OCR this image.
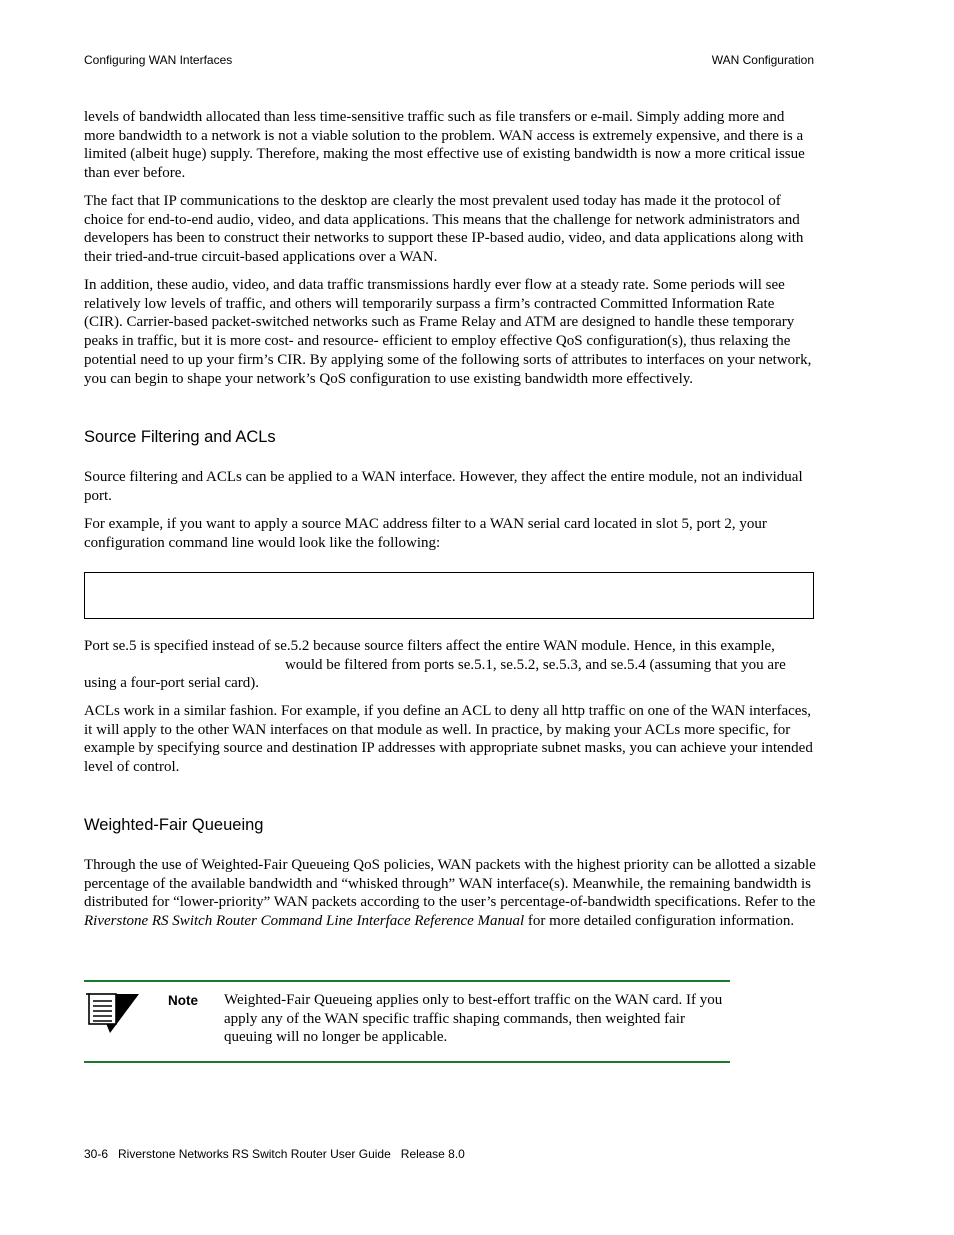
Configuring WAN Interfaces	WAN Configuration

levels of bandwidth allocated than less time-sensitive traffic such as file transfers or e-mail. Simply adding more and more bandwidth to a network is not a viable solution to the problem. WAN access is extremely expensive, and there is a limited (albeit huge) supply. Therefore, making the most effective use of existing bandwidth is now a more critical issue than ever before.

The fact that IP communications to the desktop are clearly the most prevalent used today has made it the protocol of choice for end-to-end audio, video, and data applications. This means that the challenge for network administrators and developers has been to construct their networks to support these IP-based audio, video, and data applications along with their tried-and-true circuit-based applications over a WAN.

In addition, these audio, video, and data traffic transmissions hardly ever flow at a steady rate. Some periods will see relatively low levels of traffic, and others will temporarily surpass a firm’s contracted Committed Information Rate (CIR). Carrier-based packet-switched networks such as Frame Relay and ATM are designed to handle these temporary peaks in traffic, but it is more cost- and resource- efficient to employ effective QoS configuration(s), thus relaxing the potential need to up your firm’s CIR. By applying some of the following sorts of attributes to interfaces on your network, you can begin to shape your network’s QoS configuration to use existing bandwidth more effectively.

Source Filtering and ACLs

Source filtering and ACLs can be applied to a WAN interface. However, they affect the entire module, not an individual port.

For example, if you want to apply a source MAC address filter to a WAN serial card located in slot 5, port 2, your configuration command line would look like the following:

Port se.5 is specified instead of se.5.2 because source filters affect the entire WAN module. Hence, in this example,
would be filtered from ports se.5.1, se.5.2, se.5.3, and se.5.4 (assuming that you are using a four-port serial card).

ACLs work in a similar fashion. For example, if you define an ACL to deny all http traffic on one of the WAN interfaces, it will apply to the other WAN interfaces on that module as well. In practice, by making your ACLs more specific, for example by specifying source and destination IP addresses with appropriate subnet masks, you can achieve your intended level of control.

Weighted-Fair Queueing

Through the use of Weighted-Fair Queueing QoS policies, WAN packets with the highest priority can be allotted a sizable percentage of the available bandwidth and “whisked through” WAN interface(s). Meanwhile, the remaining bandwidth is distributed for “lower-priority” WAN packets according to the user’s percentage-of-bandwidth specifications. Refer to the Riverstone RS Switch Router Command Line Interface Reference Manual for more detailed configuration information.

Note Weighted-Fair Queueing applies only to best-effort traffic on the WAN card. If you apply any of the WAN specific traffic shaping commands, then weighted fair queuing will no longer be applicable.

30-6   Riverstone Networks RS Switch Router User Guide   Release 8.0
